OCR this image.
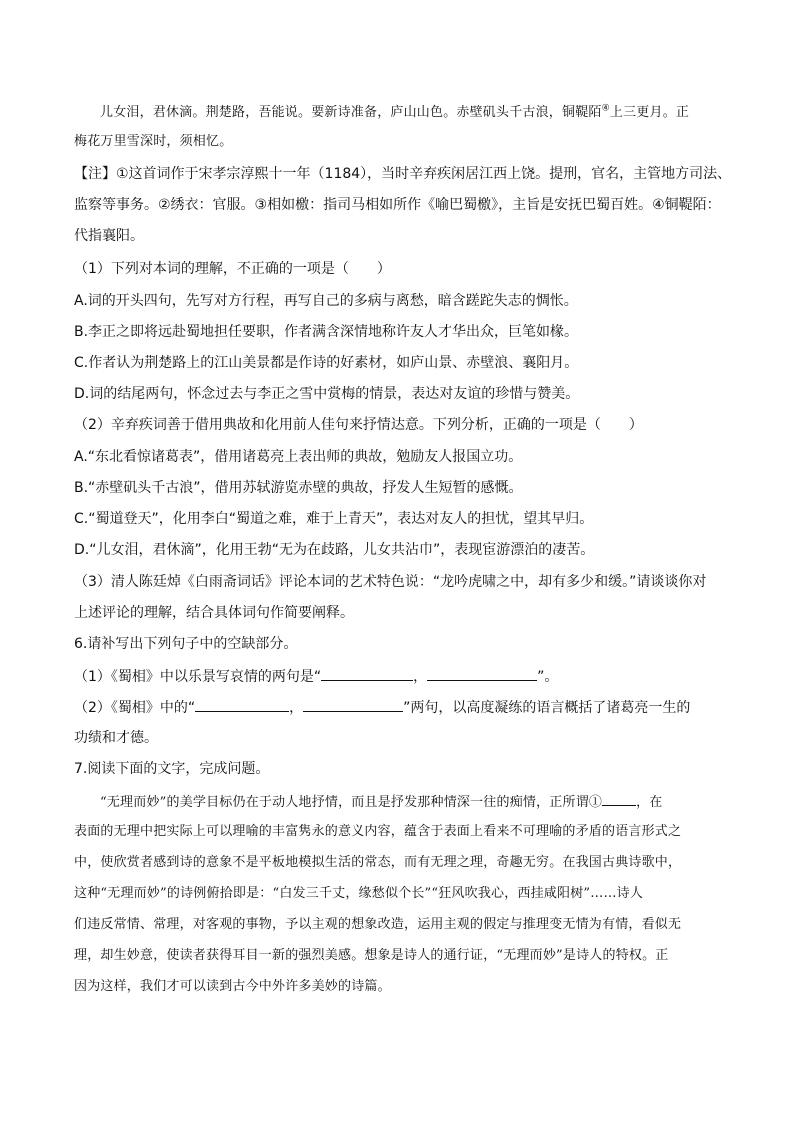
儿女泪，君休滴。荆楚路，吾能说。要新诗准备，庐山山色。赤壁矶头千古浪，铜鞮陌④上三更月。正
梅花万里雪深时，须相忆。
【注】①这首词作于宋孝宗淳熙十一年（1184），当时辛弃疾闲居江西上饶。提刑，官名，主管地方司法、
监察等事务。②绣衣：官服。③相如檄：指司马相如所作《喻巴蜀檄》，主旨是安抚巴蜀百姓。④铜鞮陌：
代指襄阳。
（1）下列对本词的理解，不正确的一项是（　　）
A.词的开头四句，先写对方行程，再写自己的多病与离愁，暗含蹉跎失志的惆怅。
B.李正之即将远赴蜀地担任要职，作者满含深情地称许友人才华出众，巨笔如椽。
C.作者认为荆楚路上的江山美景都是作诗的好素材，如庐山景、赤壁浪、襄阳月。
D.词的结尾两句，怀念过去与李正之雪中赏梅的情景，表达对友谊的珍惜与赞美。
（2）辛弃疾词善于借用典故和化用前人佳句来抒情达意。下列分析，正确的一项是（　　）
A.“东北看惊诸葛表”，借用诸葛亮上表出师的典故，勉励友人报国立功。
B.“赤壁矶头千古浪”，借用苏轼游览赤壁的典故，抒发人生短暂的感慨。
C.“蜀道登天”，化用李白“蜀道之难，难于上青天”，表达对友人的担忧，望其早归。
D.“儿女泪，君休滴”，化用王勃“无为在歧路，儿女共沾巾”，表现宦游漂泊的凄苦。
（3）清人陈廷焯《白雨斋词话》评论本词的艺术特色说：“龙吟虎啸之中，却有多少和缓。”请谈谈你对
上述评论的理解，结合具体词句作简要阐释。
6.请补写出下列句子中的空缺部分。
（1）《蜀相》中以乐景写哀情的两句是“	，	”。
（2）《蜀相》中的“	，	”两句，以高度凝练的语言概括了诸葛亮一生的
功绩和才德。
7.阅读下面的文字，完成问题。
“无理而妙”的美学目标仍在于动人地抒情，而且是抒发那种情深一往的痴情，正所谓①	，在
表面的无理中把实际上可以理喻的丰富隽永的意义内容，蕴含于表面上看来不可理喻的矛盾的语言形式之
中，使欣赏者感到诗的意象不是平板地模拟生活的常态，而有无理之理，奇趣无穷。在我国古典诗歌中，
这种“无理而妙”的诗例俯拾即是：“白发三千丈，缘愁似个长”“狂风吹我心，西挂咸阳树”……诗人
们违反常情、常理，对客观的事物，予以主观的想象改造，运用主观的假定与推理变无情为有情，看似无
理，却生妙意，使读者获得耳目一新的强烈美感。想象是诗人的通行证，“无理而妙”是诗人的特权。正
因为这样，我们才可以读到古今中外许多美妙的诗篇。
